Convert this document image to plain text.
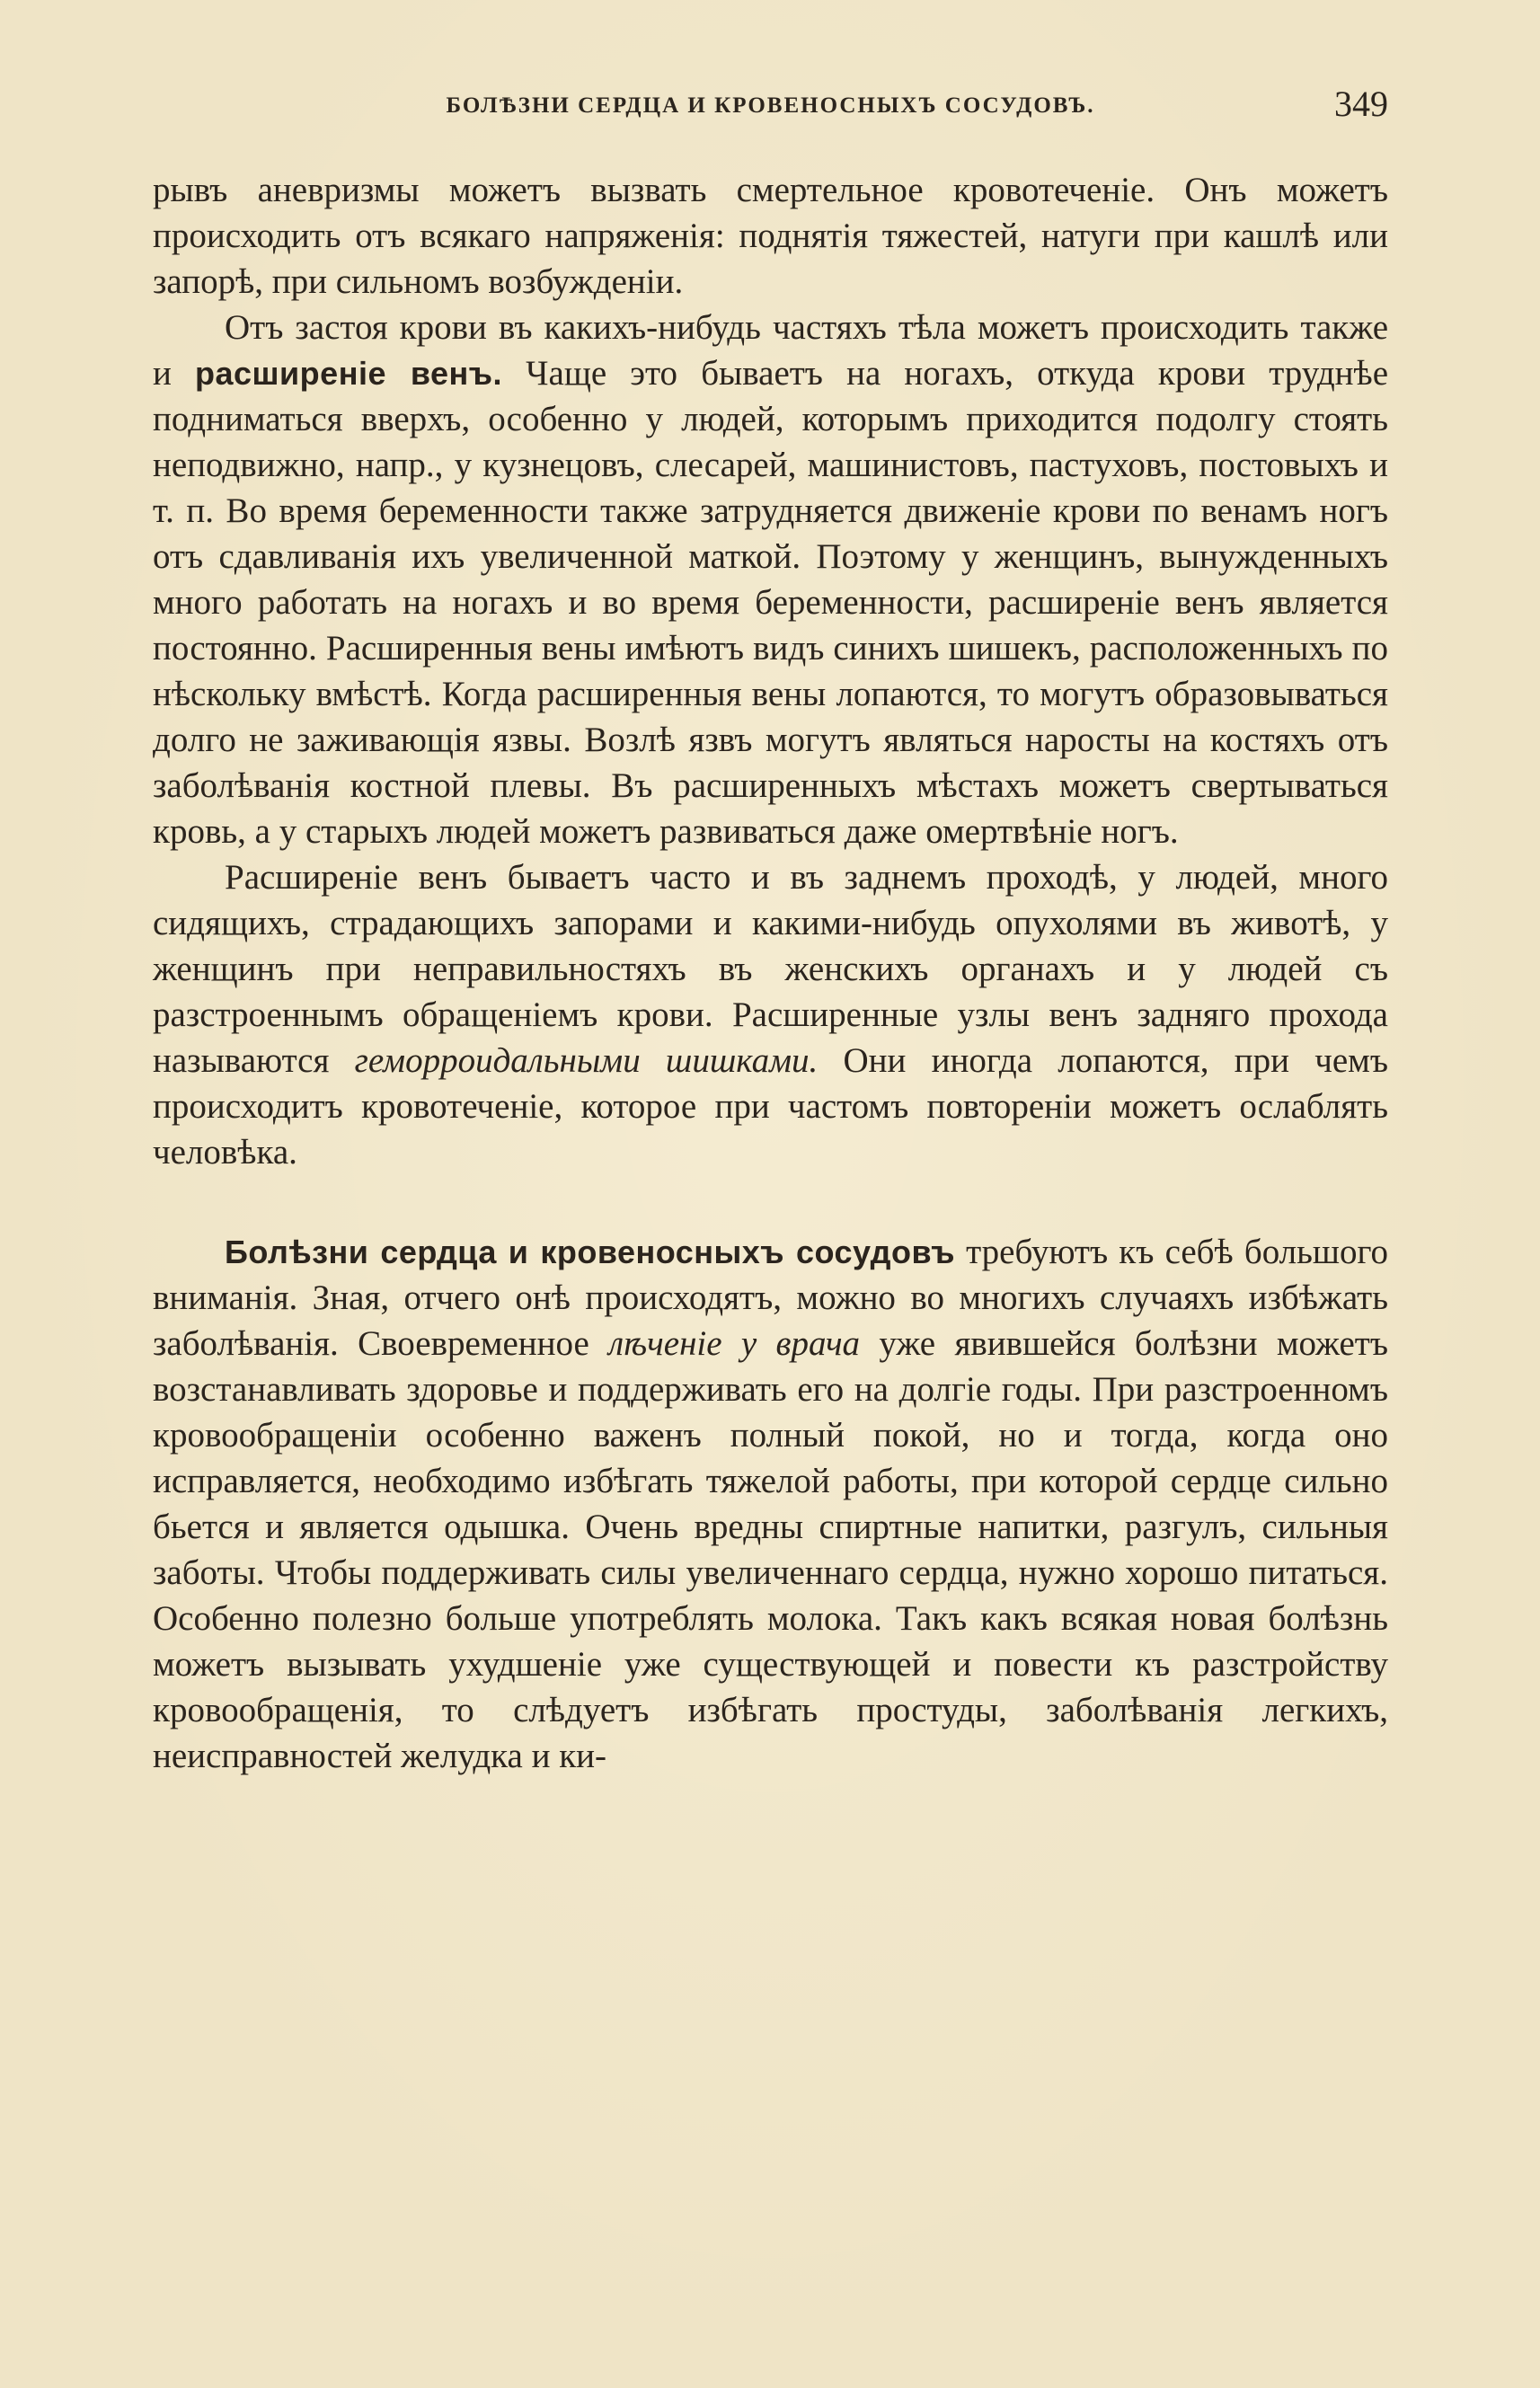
БОЛѢЗНИ СЕРДЦА И КРОВЕНОСНЫХЪ СОСУДОВЪ.	349

рывъ аневризмы можетъ вызвать смертельное кровотеченіе. Онъ можетъ происходить отъ всякаго напряженія: поднятія тяжестей, натуги при кашлѣ или запорѣ, при сильномъ возбужденіи.

Отъ застоя крови въ какихъ-нибудь частяхъ тѣла можетъ происходить также и расширеніе венъ. Чаще это бываетъ на ногахъ, откуда крови труднѣе подниматься вверхъ, особенно у людей, которымъ приходится подолгу стоять неподвижно, напр., у кузнецовъ, слесарей, машинистовъ, пастуховъ, постовыхъ и т. п. Во время беременности также затрудняется движеніе крови по венамъ ногъ отъ сдавливанія ихъ увеличенной маткой. Поэтому у женщинъ, вынужденныхъ много работать на ногахъ и во время беременности, расширеніе венъ является постоянно. Расширенныя вены имѣютъ видъ синихъ шишекъ, расположенныхъ по нѣскольку вмѣстѣ. Когда расширенныя вены лопаются, то могутъ образовываться долго не заживающія язвы. Возлѣ язвъ могутъ являться наросты на костяхъ отъ заболѣванія костной плевы. Въ расширенныхъ мѣстахъ можетъ свертываться кровь, а у старыхъ людей можетъ развиваться даже омертвѣніе ногъ.

Расширеніе венъ бываетъ часто и въ заднемъ проходѣ, у людей, много сидящихъ, страдающихъ запорами и какими-нибудь опухолями въ животѣ, у женщинъ при неправильностяхъ въ женскихъ органахъ и у людей съ разстроеннымъ обращеніемъ крови. Расширенные узлы венъ задняго прохода называются геморроидальными шишками. Они иногда лопаются, при чемъ происходитъ кровотеченіе, которое при частомъ повтореніи можетъ ослаблять человѣка.

Болѣзни сердца и кровеносныхъ сосудовъ требуютъ къ себѣ большого вниманія. Зная, отчего онѣ происходятъ, можно во многихъ случаяхъ избѣжать заболѣванія. Своевременное лѣченіе у врача уже явившейся болѣзни можетъ возстанавливать здоровье и поддерживать его на долгіе годы. При разстроенномъ кровообращеніи особенно важенъ полный покой, но и тогда, когда оно исправляется, необходимо избѣгать тяжелой работы, при которой сердце сильно бьется и является одышка. Очень вредны спиртные напитки, разгулъ, сильныя заботы. Чтобы поддерживать силы увеличеннаго сердца, нужно хорошо питаться. Особенно полезно больше употреблять молока. Такъ какъ всякая новая болѣзнь можетъ вызывать ухудшеніе уже существующей и повести къ разстройству кровообращенія, то слѣдуетъ избѣгать простуды, заболѣванія легкихъ, неисправностей желудка и ки-
